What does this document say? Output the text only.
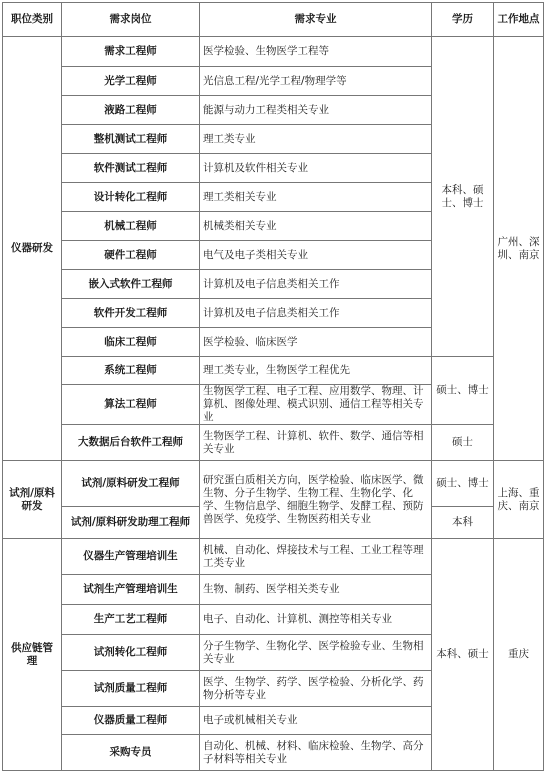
职位类别	需求岗位	需求专业	学历	工作地点
仪器研发	需求工程师	医学检验、生物医学工程等	本科、硕士、博士	广州、深圳、南京
	光学工程师	光信息工程/光学工程/物理学等		
	液路工程师	能源与动力工程类相关专业		
	整机测试工程师	理工类专业		
	软件测试工程师	计算机及软件相关专业		
	设计转化工程师	理工类相关专业		
	机械工程师	机械类相关专业		
	硬件工程师	电气及电子类相关专业		
	嵌入式软件工程师	计算机及电子信息类相关工作		
	软件开发工程师	计算机及电子信息类相关工作		
	临床工程师	医学检验、临床医学		
	系统工程师	理工类专业，生物医学工程优先	硕士、博士	
	算法工程师	生物医学工程、电子工程、应用数学、物理、计算机、图像处理、模式识别、通信工程等相关专业		
	大数据后台软件工程师	生物医学工程、计算机、软件、数学、通信等相关专业	硕士	
试剂/原料研发	试剂/原料研发工程师	研究蛋白质相关方向，医学检验、临床医学、微生物、分子生物学、生物工程、生物化学、化学、生物信息学、细胞生物学、发酵工程、预防兽医学、免疫学、生物医药相关专业	硕士、博士	上海、重庆、南京
	试剂/原料研发助理工程师		本科	
供应链管理	仪器生产管理培训生	机械、自动化、焊接技术与工程、工业工程等理工类专业	本科、硕士	重庆
	试剂生产管理培训生	生物、制药、医学相关类专业		
	生产工艺工程师	电子、自动化、计算机、测控等相关专业		
	试剂转化工程师	分子生物学、生物化学、医学检验专业、生物相关专业		
	试剂质量工程师	医学、生物学、药学、医学检验、分析化学、药物分析等专业		
	仪器质量工程师	电子或机械相关专业		
	采购专员	自动化、机械、材料、临床检验、生物学、高分子材料等相关专业		
